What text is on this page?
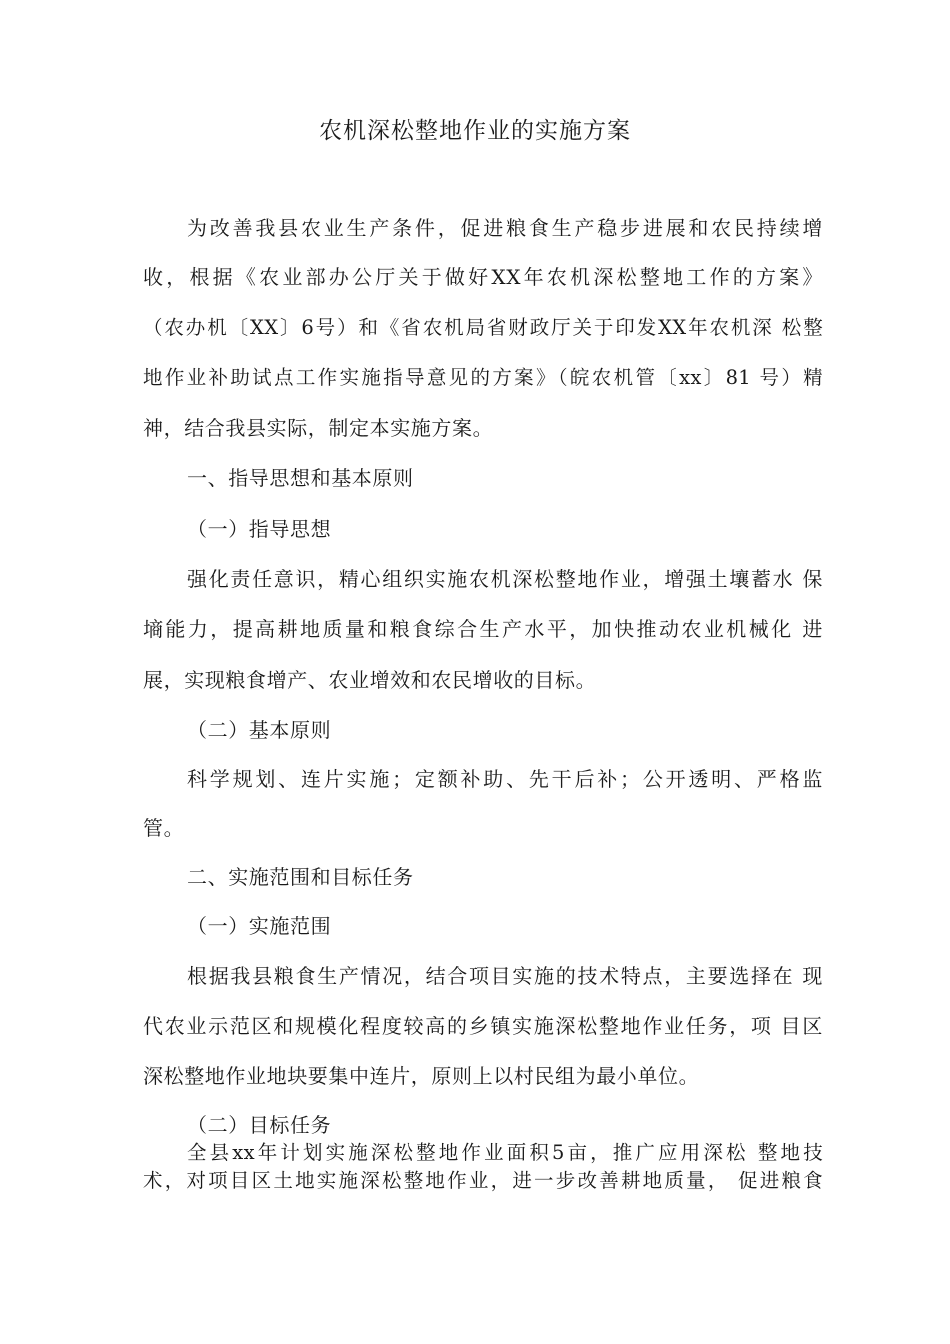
农机深松整地作业的实施方案
为改善我县农业生产条件，促进粮食生产稳步进展和农民持续增
收，根据《农业部办公厅关于做好XX年农机深松整地工作的方案》
（农办机〔XX〕6号）和《省农机局省财政厅关于印发XX年农机深 松整
地作业补助试点工作实施指导意见的方案》（皖农机管〔xx〕81 号）精
神，结合我县实际，制定本实施方案。
一、指导思想和基本原则
（一）指导思想
强化责任意识，精心组织实施农机深松整地作业，增强土壤蓄水 保
墒能力，提高耕地质量和粮食综合生产水平，加快推动农业机械化 进
展，实现粮食增产、农业增效和农民增收的目标。
（二）基本原则
科学规划、连片实施；定额补助、先干后补；公开透明、严格监
管。
二、实施范围和目标任务
（一）实施范围
根据我县粮食生产情况，结合项目实施的技术特点，主要选择在 现
代农业示范区和规模化程度较高的乡镇实施深松整地作业任务，项 目区
深松整地作业地块要集中连片，原则上以村民组为最小单位。
（二）目标任务
全县xx年计划实施深松整地作业面积5亩，推广应用深松 整地技
术，对项目区土地实施深松整地作业，进一步改善耕地质量， 促进粮食
